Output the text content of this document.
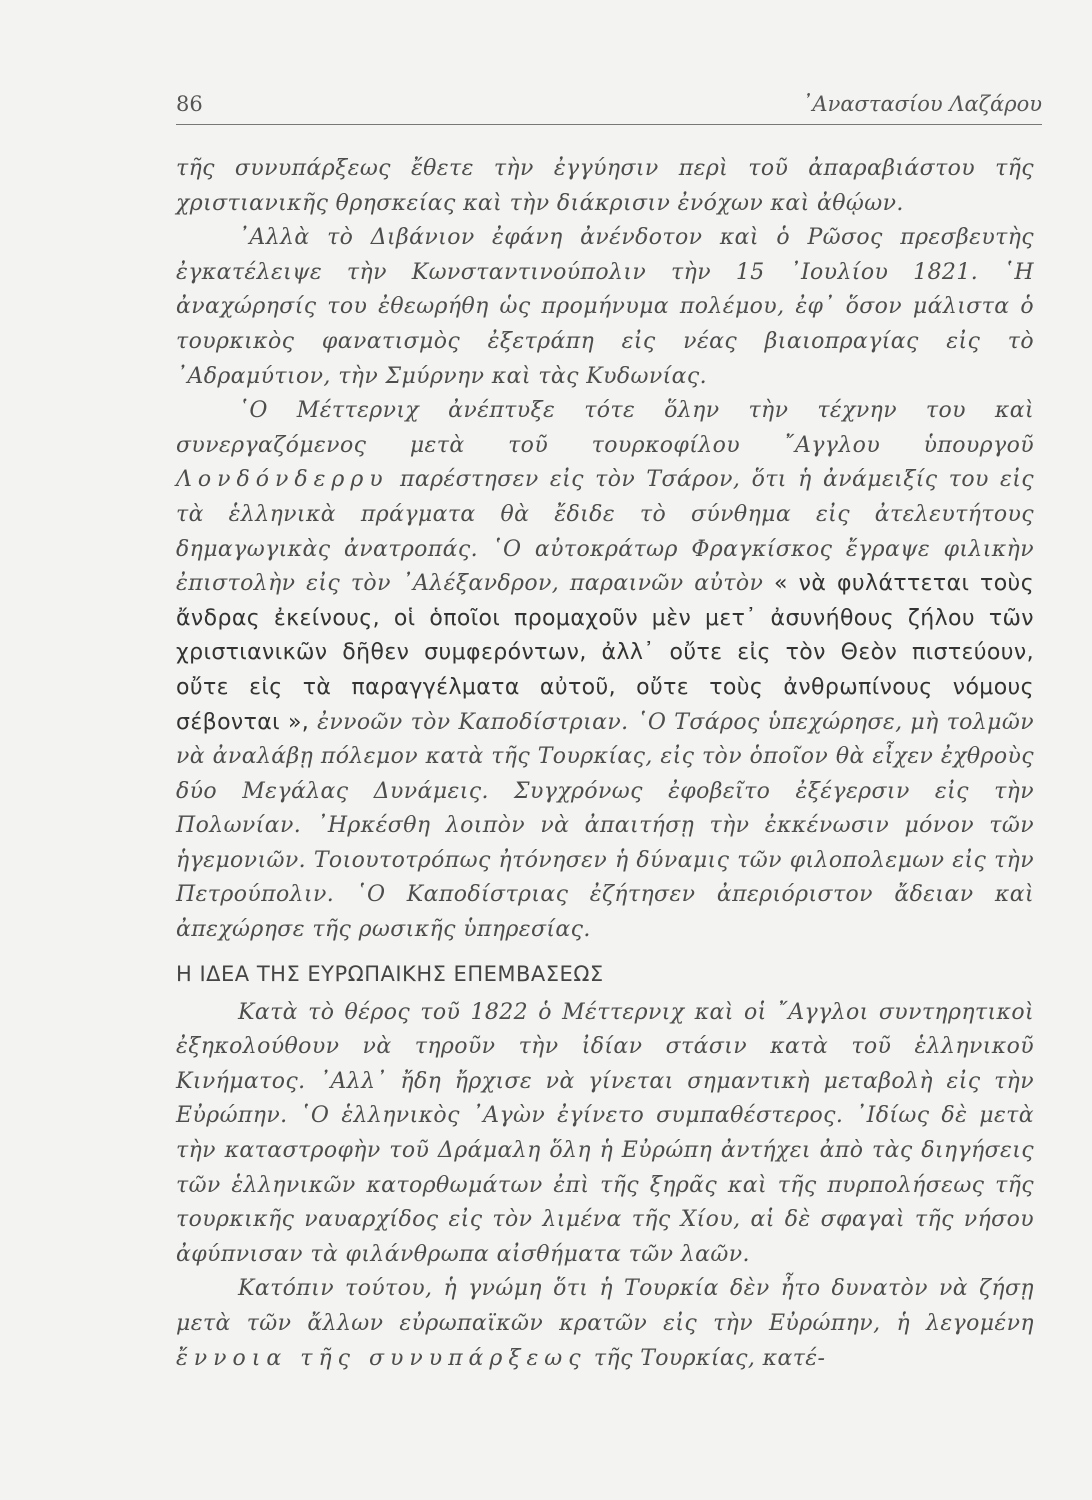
86	᾽Αναστασίου Λαζάρου

τῆς συνυπάρξεως ἔθετε τὴν ἐγγύησιν περὶ τοῦ ἀπαραβιάστου τῆς χριστιανικῆς θρησκείας καὶ τὴν διάκρισιν ἐνόχων καὶ ἀθῴων.

᾽Αλλὰ τὸ Διβάνιον ἐφάνη ἀνένδοτον καὶ ὁ Ρῶσος πρεσβευτὴς ἐγκατέλειψε τὴν Κωνσταντινούπολιν τὴν 15 ᾽Ιουλίου 1821. ῾Η ἀναχώρησίς του ἐθεωρήθη ὡς προμήνυμα πολέμου, ἐφ᾽ ὅσον μάλιστα ὁ τουρκικὸς φανατισμὸς ἐξετράπη εἰς νέας βιαιοπραγίας εἰς τὸ ᾽Αδραμύτιον, τὴν Σμύρνην καὶ τὰς Κυδωνίας.

῾Ο Μέττερνιχ ἀνέπτυξε τότε ὅλην τὴν τέχνην του καὶ συνεργαζόμενος μετὰ τοῦ τουρκοφίλου ῎Αγγλου ὑπουργοῦ Λονδόνδερρυ παρέστησεν εἰς τὸν Τσάρον, ὅτι ἡ ἀνάμειξίς του εἰς τὰ ἑλληνικὰ πράγματα θὰ ἔδιδε τὸ σύνθημα εἰς ἀτελευτήτους δημαγωγικὰς ἀνατροπάς. ῾Ο αὐτοκράτωρ Φραγκίσκος ἔγραψε φιλικὴν ἐπιστολὴν εἰς τὸν ᾽Αλέξανδρον, παραινῶν αὐτὸν « νὰ φυλάττεται τοὺς ἄνδρας ἐκείνους, οἱ ὁποῖοι προμαχοῦν μὲν μετ᾽ ἀσυνήθους ζήλου τῶν χριστιανικῶν δῆθεν συμφερόντων, ἀλλ᾽ οὔτε εἰς τὸν Θεὸν πιστεύουν, οὔτε εἰς τὰ παραγγέλματα αὐτοῦ, οὔτε τοὺς ἀνθρωπίνους νόμους σέβονται », ἐννοῶν τὸν Καποδίστριαν. ῾Ο Τσάρος ὑπεχώρησε, μὴ τολμῶν νὰ ἀναλάβῃ πόλεμον κατὰ τῆς Τουρκίας, εἰς τὸν ὁποῖον θὰ εἶχεν ἐχθροὺς δύο Μεγάλας Δυνάμεις. Συγχρόνως ἐφοβεῖτο ἐξέγερσιν εἰς τὴν Πολωνίαν. ᾽Ηρκέσθη λοιπὸν νὰ ἀπαιτήσῃ τὴν ἐκκένωσιν μόνον τῶν ἡγεμονιῶν. Τοιουτοτρόπως ἠτόνησεν ἡ δύναμις τῶν φιλοπολεμων εἰς τὴν Πετρούπολιν. ῾Ο Καποδίστριας ἐζήτησεν ἀπεριόριστον ἄδειαν καὶ ἀπεχώρησε τῆς ρωσικῆς ὑπηρεσίας.

Η ΙΔΕΑ ΤΗΣ ΕΥΡΩΠΑΙΚΗΣ ΕΠΕΜΒΑΣΕΩΣ

Κατὰ τὸ θέρος τοῦ 1822 ὁ Μέττερνιχ καὶ οἱ ῎Αγγλοι συντηρητικοὶ ἐξηκολούθουν νὰ τηροῦν τὴν ἰδίαν στάσιν κατὰ τοῦ ἑλληνικοῦ Κινήματος. ᾽Αλλ᾽ ἤδη ἤρχισε νὰ γίνεται σημαντικὴ μεταβολὴ εἰς τὴν Εὐρώπην. ῾Ο ἑλληνικὸς ᾽Αγὼν ἐγίνετο συμπαθέστερος. ᾽Ιδίως δὲ μετὰ τὴν καταστροφὴν τοῦ Δράμαλη ὅλη ἡ Εὐρώπη ἀντήχει ἀπὸ τὰς διηγήσεις τῶν ἑλληνικῶν κατορθωμάτων ἐπὶ τῆς ξηρᾶς καὶ τῆς πυρπολήσεως τῆς τουρκικῆς ναυαρχίδος εἰς τὸν λιμένα τῆς Χίου, αἱ δὲ σφαγαὶ τῆς νήσου ἀφύπνισαν τὰ φιλάνθρωπα αἰσθήματα τῶν λαῶν.

Κατόπιν τούτου, ἡ γνώμη ὅτι ἡ Τουρκία δὲν ἦτο δυνατὸν νὰ ζήσῃ μετὰ τῶν ἄλλων εὐρωπαϊκῶν κρατῶν εἰς τὴν Εὐρώπην, ἡ λεγομένη ἔννοια τῆς συνυπάρξεως τῆς Τουρκίας, κατέ-
